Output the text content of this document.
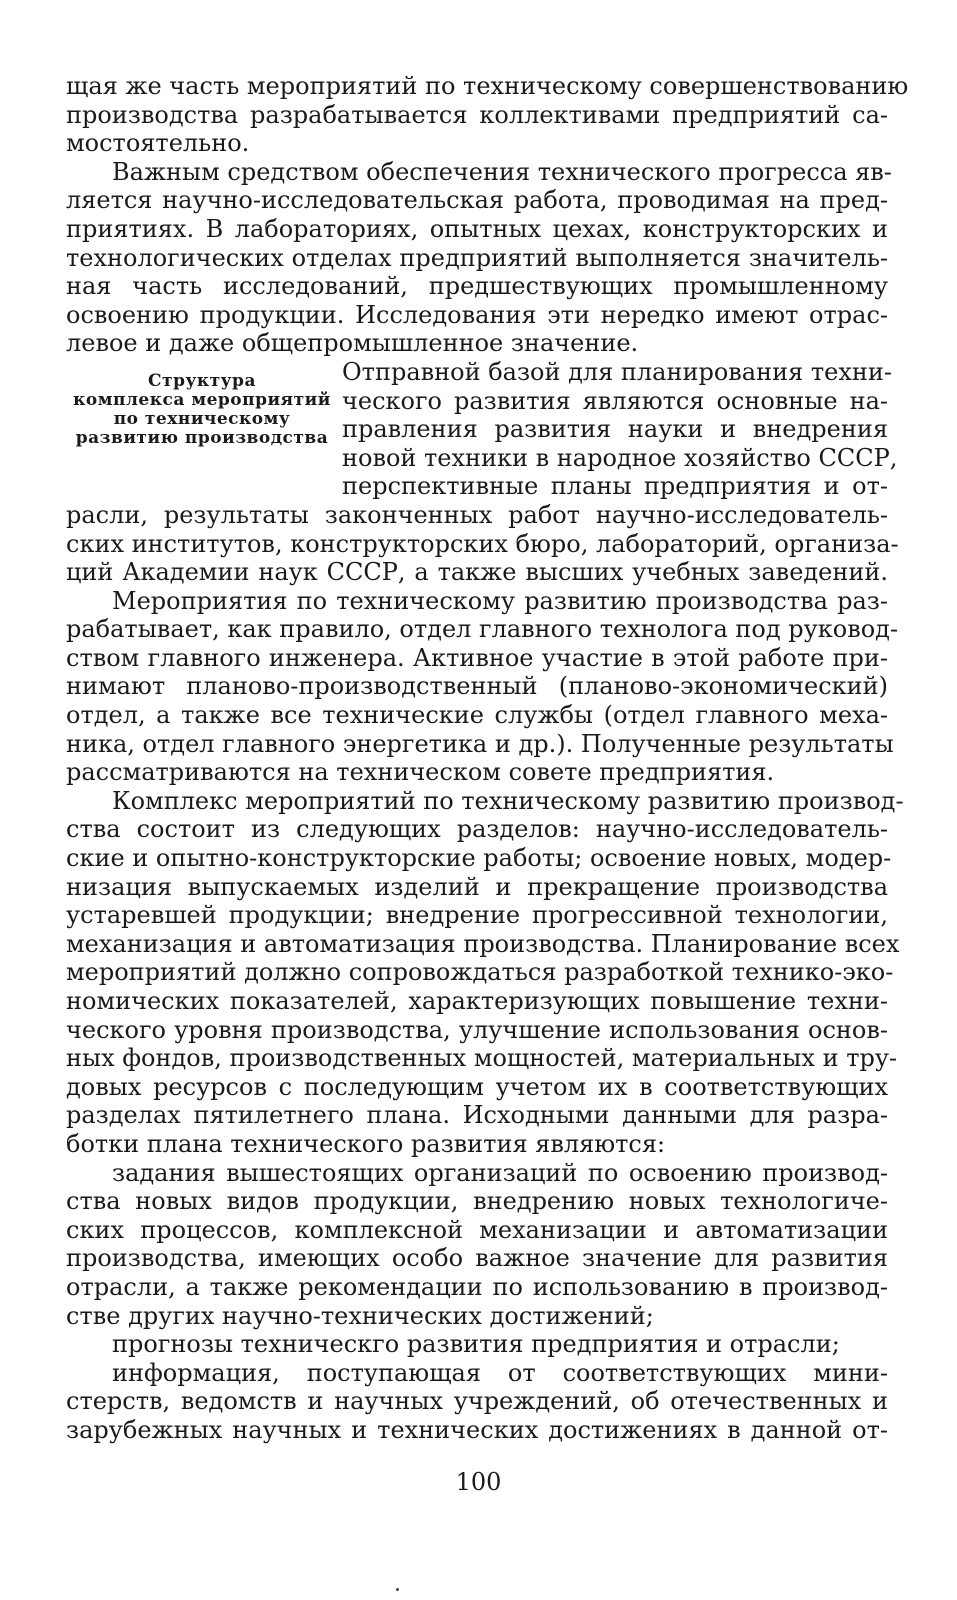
щая же часть мероприятий по техническому совершенствованию
производства разрабатывается коллективами предприятий са-
мостоятельно.
Важным средством обеспечения технического прогресса яв-
ляется научно-исследовательская работа, проводимая на пред-
приятиях. В лабораториях, опытных цехах, конструкторских и
технологических отделах предприятий выполняется значитель-
ная часть исследований, предшествующих промышленному
освоению продукции. Исследования эти нередко имеют отрас-
левое и даже общепромышленное значение.
Структура
комплекса мероприятий
по техническому
развитию производства
Отправной базой для планирования техни-
ческого развития являются основные на-
правления развития науки и внедрения
новой техники в народное хозяйство СССР,
перспективные планы предприятия и от-
расли, результаты законченных работ научно-исследователь-
ских институтов, конструкторских бюро, лабораторий, организа-
ций Академии наук СССР, а также высших учебных заведений.
Мероприятия по техническому развитию производства раз-
рабатывает, как правило, отдел главного технолога под руковод-
ством главного инженера. Активное участие в этой работе при-
нимают планово-производственный (планово-экономический)
отдел, а также все технические службы (отдел главного меха-
ника, отдел главного энергетика и др.). Полученные результаты
рассматриваются на техническом совете предприятия.
Комплекс мероприятий по техническому развитию производ-
ства состоит из следующих разделов: научно-исследователь-
ские и опытно-конструкторские работы; освоение новых, модер-
низация выпускаемых изделий и прекращение производства
устаревшей продукции; внедрение прогрессивной технологии,
механизация и автоматизация производства. Планирование всех
мероприятий должно сопровождаться разработкой технико-эко-
номических показателей, характеризующих повышение техни-
ческого уровня производства, улучшение использования основ-
ных фондов, производственных мощностей, материальных и тру-
довых ресурсов с последующим учетом их в соответствующих
разделах пятилетнего плана. Исходными данными для разра-
ботки плана технического развития являются:
задания вышестоящих организаций по освоению производ-
ства новых видов продукции, внедрению новых технологиче-
ских процессов, комплексной механизации и автоматизации
производства, имеющих особо важное значение для развития
отрасли, а также рекомендации по использованию в производ-
стве других научно-технических достижений;
прогнозы техническго развития предприятия и отрасли;
информация, поступающая от соответствующих мини-
стерств, ведомств и научных учреждений, об отечественных и
зарубежных научных и технических достижениях в данной от-
100
